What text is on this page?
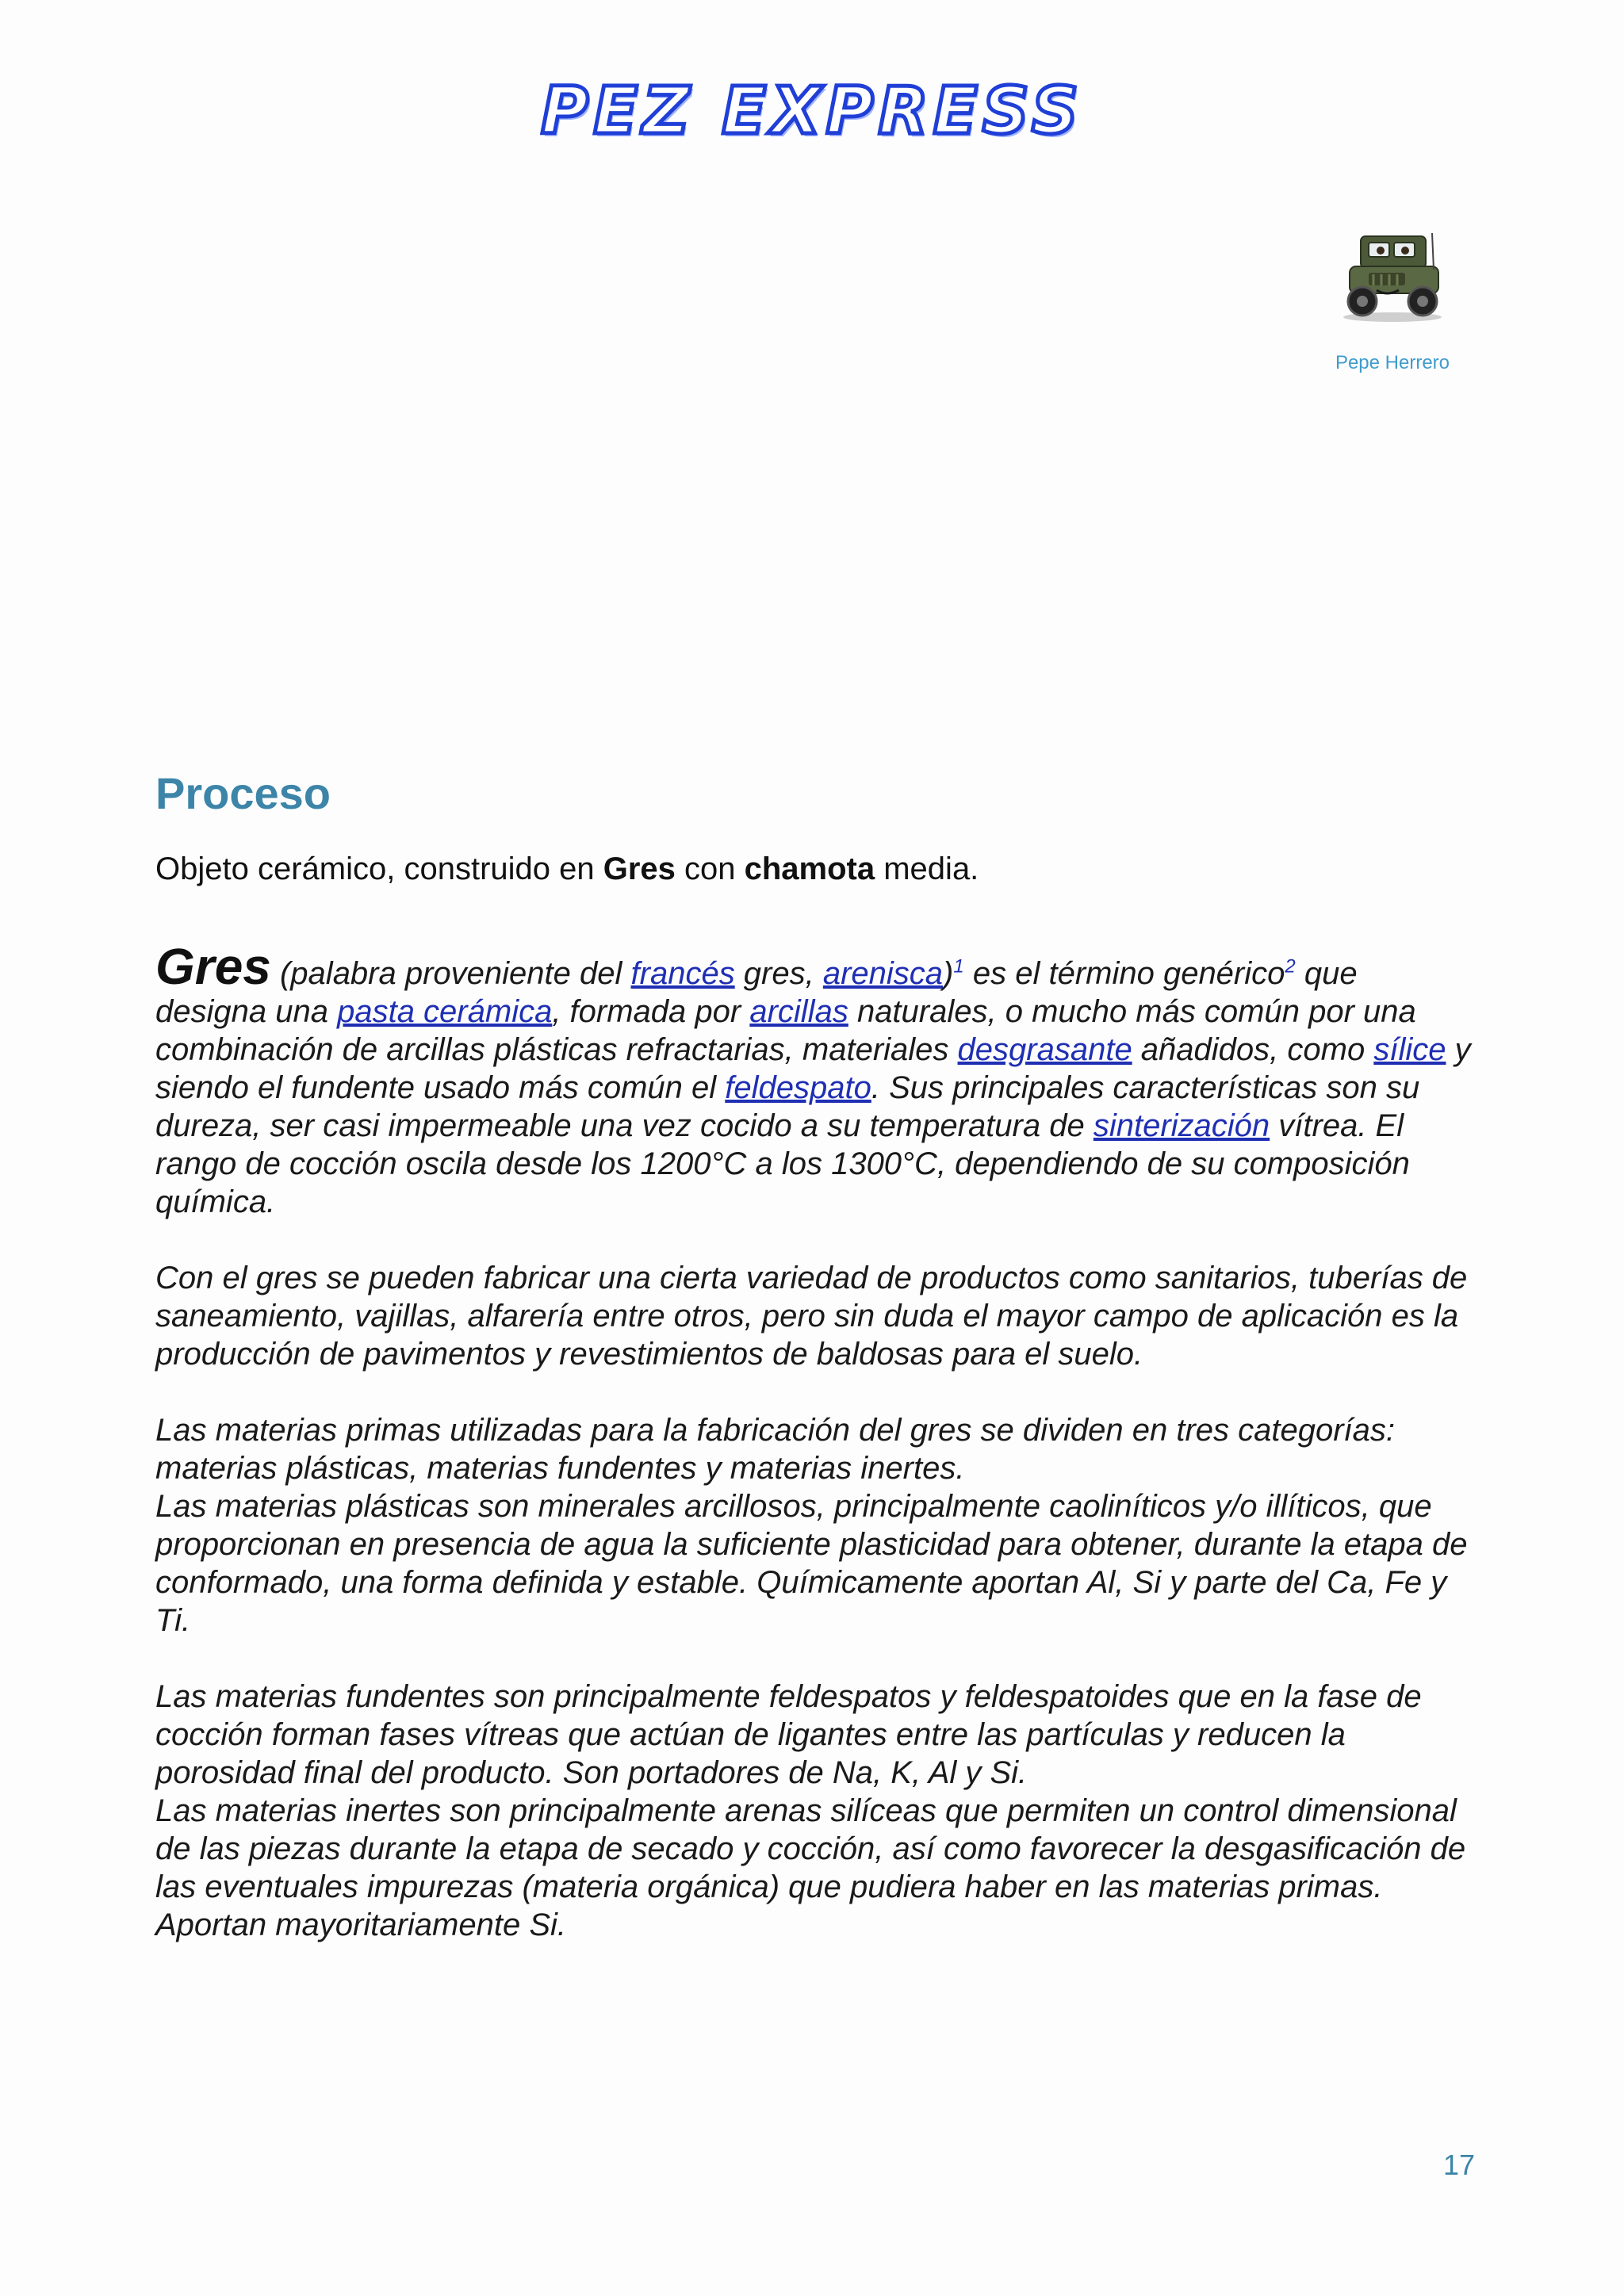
PEZ EXPRESS
Pepe Herrero
Proceso
Objeto cerámico, construido en Gres con chamota media.

Gres (palabra proveniente del francés gres, arenisca)$^1$ es el término genérico$^2$ que designa una pasta cerámica, formada por arcillas naturales, o mucho más común por una combinación de arcillas plásticas refractarias, materiales desgrasante añadidos, como sílice y siendo el fundente usado más común el feldespato. Sus principales características son su dureza, ser casi impermeable una vez cocido a su temperatura de sinterización vítrea. El rango de cocción oscila desde los 1200°C a los 1300°C, dependiendo de su composición química.

Con el gres se pueden fabricar una cierta variedad de productos como sanitarios, tuberías de saneamiento, vajillas, alfarería entre otros, pero sin duda el mayor campo de aplicación es la producción de pavimentos y revestimientos de baldosas para el suelo.

Las materias primas utilizadas para la fabricación del gres se dividen en tres categorías: materias plásticas, materias fundentes y materias inertes.

Las materias plásticas son minerales arcillosos, principalmente caoliníticos y/o illíticos, que proporcionan en presencia de agua la suficiente plasticidad para obtener, durante la etapa de conformado, una forma definida y estable. Químicamente aportan Al, Si y parte del Ca, Fe y Ti.

Las materias fundentes son principalmente feldespatos y feldespatoides que en la fase de cocción forman fases vítreas que actúan de ligantes entre las partículas y reducen la porosidad final del producto. Son portadores de Na, K, Al y Si.

Las materias inertes son principalmente arenas silíceas que permiten un control dimensional de las piezas durante la etapa de secado y cocción, así como favorecer la desgasificación de las eventuales impurezas (materia orgánica) que pudiera haber en las materias primas. Aportan mayoritariamente Si.

17
